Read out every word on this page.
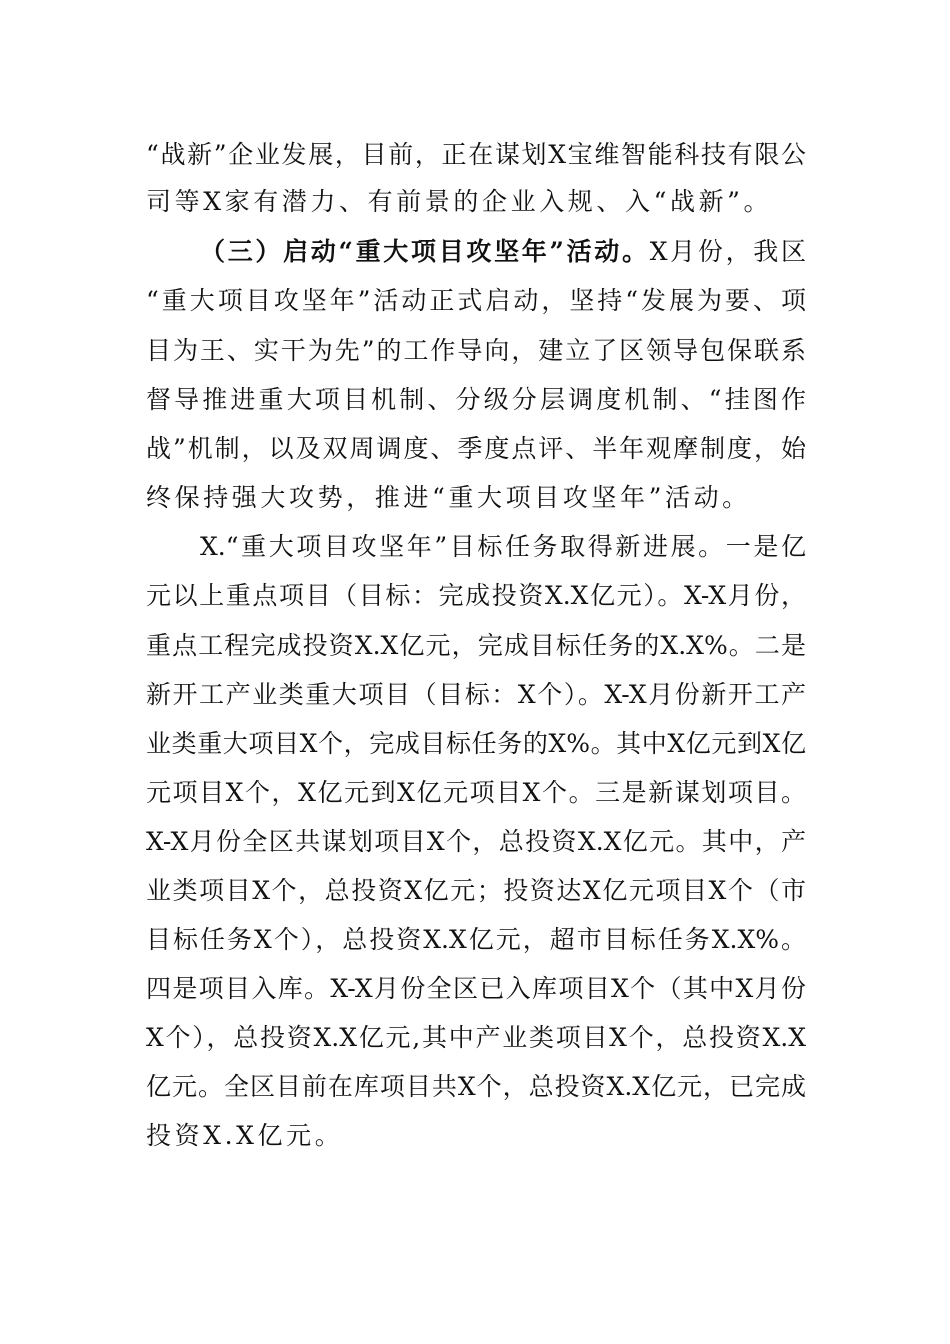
“战新”企业发展，目前，正在谋划X宝维智能科技有限公
司等X家有潜力、有前景的企业入规、入“战新”。
（三）启动“重大项目攻坚年”活动。X月份，我区
“重大项目攻坚年”活动正式启动，坚持“发展为要、项
目为王、实干为先”的工作导向，建立了区领导包保联系
督导推进重大项目机制、分级分层调度机制、“挂图作
战”机制，以及双周调度、季度点评、半年观摩制度，始
终保持强大攻势，推进“重大项目攻坚年”活动。
X.“重大项目攻坚年”目标任务取得新进展。一是亿
元以上重点项目（目标：完成投资X.X亿元）。X-X月份，
重点工程完成投资X.X亿元，完成目标任务的X.X%。二是
新开工产业类重大项目（目标：X个）。X-X月份新开工产
业类重大项目X个，完成目标任务的X%。其中X亿元到X亿
元项目X个，X亿元到X亿元项目X个。三是新谋划项目。
X-X月份全区共谋划项目X个，总投资X.X亿元。其中，产
业类项目X个，总投资X亿元；投资达X亿元项目X个（市
目标任务X个），总投资X.X亿元，超市目标任务X.X%。
四是项目入库。X-X月份全区已入库项目X个（其中X月份
X个），总投资X.X亿元,其中产业类项目X个，总投资X.X
亿元。全区目前在库项目共X个，总投资X.X亿元，已完成
投资X.X亿元。
